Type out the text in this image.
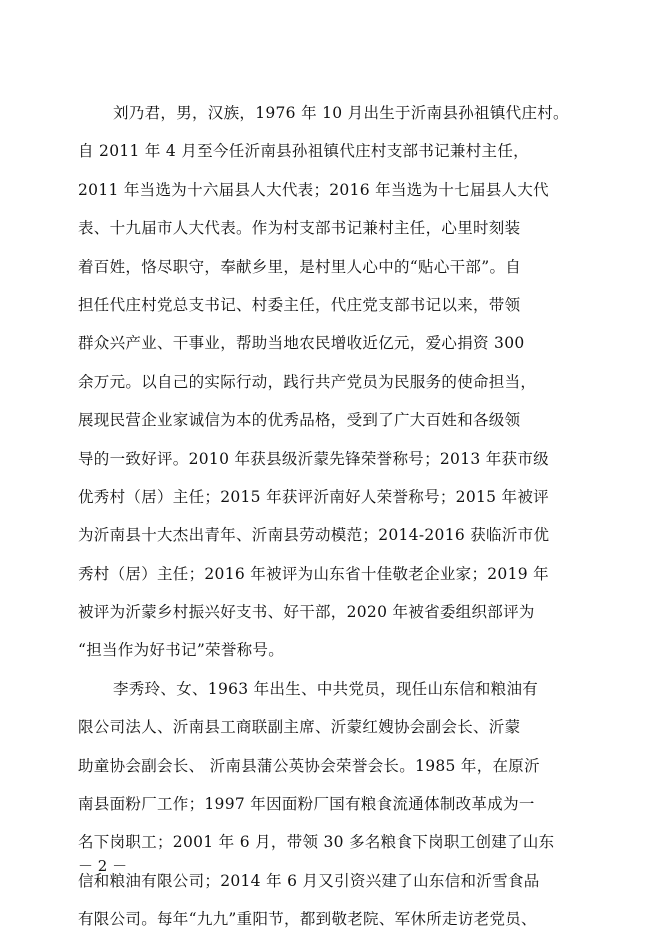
刘乃君，男，汉族，1976 年 10 月出生于沂南县孙祖镇代庄村。
自 2011 年 4 月至今任沂南县孙祖镇代庄村支部书记兼村主任，
2011 年当选为十六届县人大代表；2016 年当选为十七届县人大代
表、十九届市人大代表。作为村支部书记兼村主任，心里时刻装
着百姓，恪尽职守，奉献乡里，是村里人心中的“贴心干部”。自
担任代庄村党总支书记、村委主任，代庄党支部书记以来，带领
群众兴产业、干事业，帮助当地农民增收近亿元，爱心捐资 300
余万元。以自己的实际行动，践行共产党员为民服务的使命担当，
展现民营企业家诚信为本的优秀品格，受到了广大百姓和各级领
导的一致好评。2010 年获县级沂蒙先锋荣誉称号；2013 年获市级
优秀村（居）主任；2015 年获评沂南好人荣誉称号；2015 年被评
为沂南县十大杰出青年、沂南县劳动模范；2014-2016 获临沂市优
秀村（居）主任；2016 年被评为山东省十佳敬老企业家；2019 年
被评为沂蒙乡村振兴好支书、好干部，2020 年被省委组织部评为
“担当作为好书记”荣誉称号。
李秀玲、女、1963 年出生、中共党员，现任山东信和粮油有
限公司法人、沂南县工商联副主席、沂蒙红嫂协会副会长、沂蒙
助童协会副会长、 沂南县蒲公英协会荣誉会长。1985 年，在原沂
南县面粉厂工作；1997 年因面粉厂国有粮食流通体制改革成为一
名下岗职工；2001 年 6 月，带领 30 多名粮食下岗职工创建了山东
信和粮油有限公司；2014 年 6 月又引资兴建了山东信和沂雪食品
有限公司。每年“九九”重阳节，都到敬老院、军休所走访老党员、
－ 2 －
